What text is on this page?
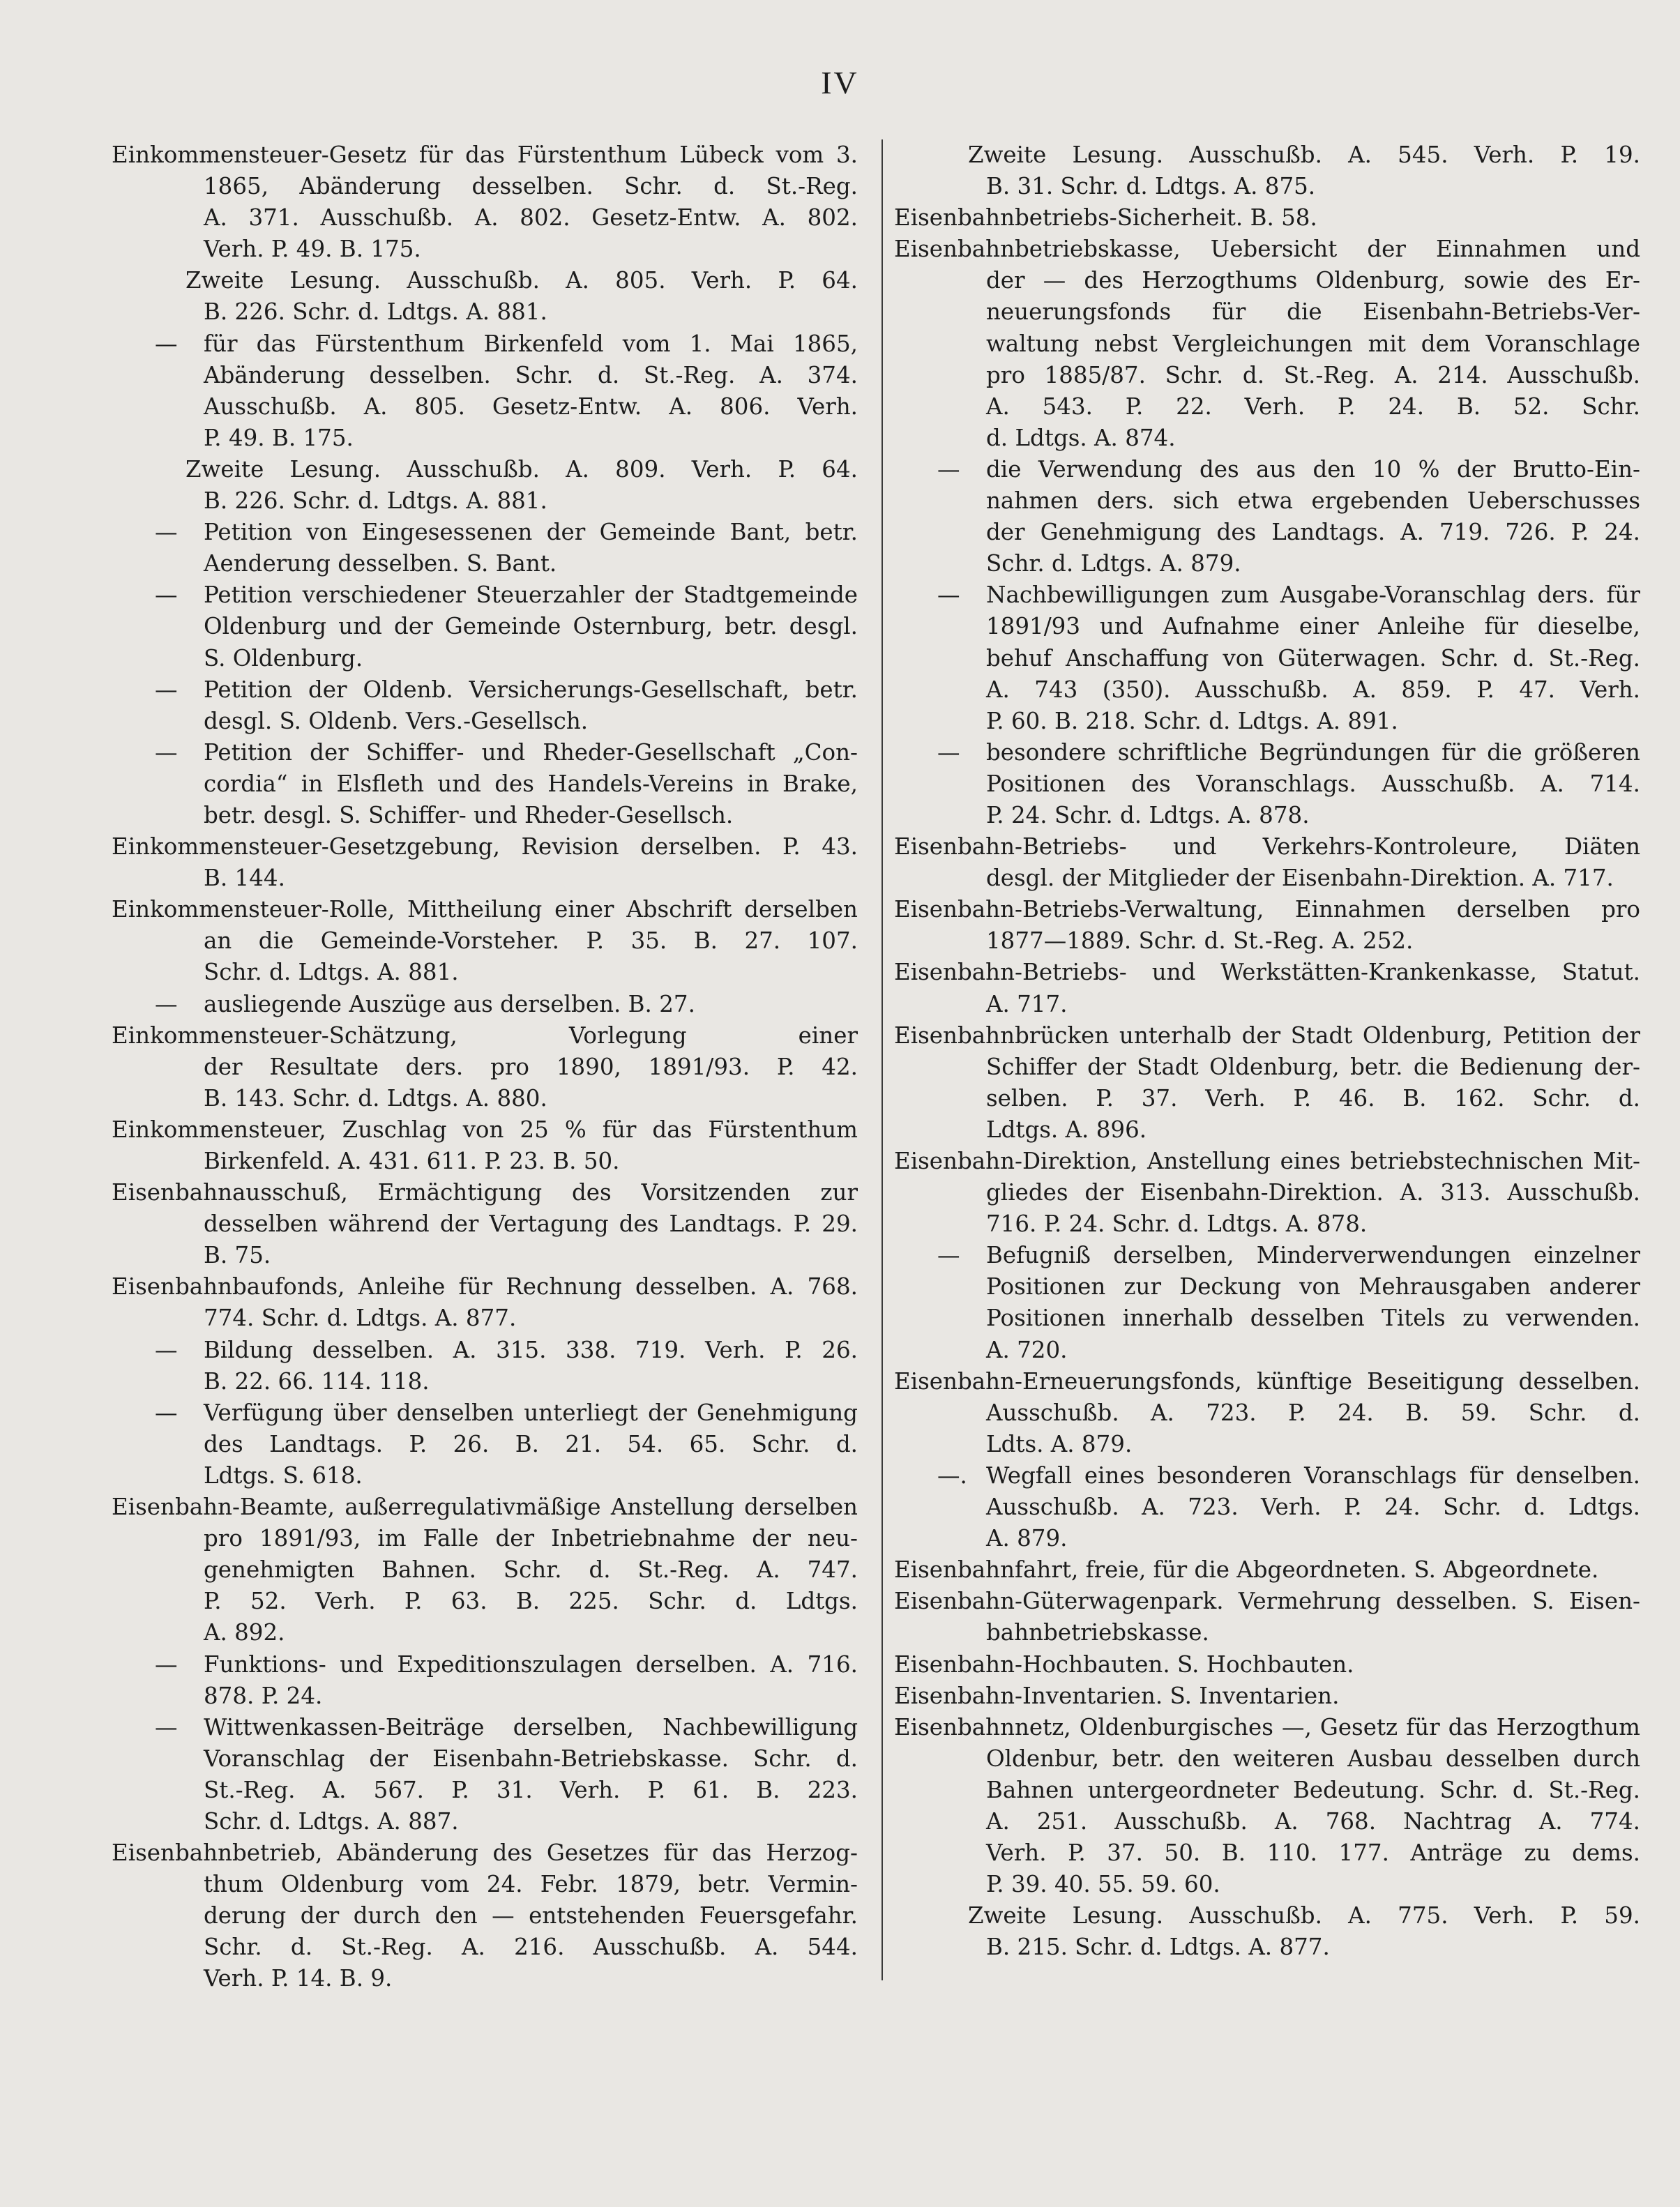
IV
Einkommensteuer-Gesetz für das Fürstenthum Lübeck vom 3.
1865, Abänderung desselben. Schr. d. St.-Reg.
A. 371. Ausschußb. A. 802. Gesetz-Entw. A. 802.
Verh. P. 49. B. 175.
Zweite Lesung. Ausschußb. A. 805. Verh. P. 64.
B. 226. Schr. d. Ldtgs. A. 881.
—	für das Fürstenthum Birkenfeld vom 1. Mai 1865,
Abänderung desselben. Schr. d. St.-Reg. A. 374.
Ausschußb. A. 805. Gesetz-Entw. A. 806. Verh.
P. 49. B. 175.
Zweite Lesung. Ausschußb. A. 809. Verh. P. 64.
B. 226. Schr. d. Ldtgs. A. 881.
—	Petition von Eingesessenen der Gemeinde Bant, betr.
Aenderung desselben. S. Bant.
—	Petition verschiedener Steuerzahler der Stadtgemeinde
Oldenburg und der Gemeinde Osternburg, betr. desgl.
S. Oldenburg.
—	Petition der Oldenb. Versicherungs-Gesellschaft, betr.
desgl. S. Oldenb. Vers.-Gesellsch.
—	Petition der Schiffer- und Rheder-Gesellschaft „Con-
cordia“ in Elsfleth und des Handels-Vereins in Brake,
betr. desgl. S. Schiffer- und Rheder-Gesellsch.
Einkommensteuer-Gesetzgebung, Revision derselben. P. 43.
B. 144.
Einkommensteuer-Rolle, Mittheilung einer Abschrift derselben
an die Gemeinde-Vorsteher. P. 35. B. 27. 107.
Schr. d. Ldtgs. A. 881.
—	ausliegende Auszüge aus derselben. B. 27.
Einkommensteuer-Schätzung, Vorlegung einer
der Resultate ders. pro 1890, 1891/93. P. 42.
B. 143. Schr. d. Ldtgs. A. 880.
Einkommensteuer, Zuschlag von 25 % für das Fürstenthum
Birkenfeld. A. 431. 611. P. 23. B. 50.
Eisenbahnausschuß, Ermächtigung des Vorsitzenden zur
desselben während der Vertagung des Landtags. P. 29.
B. 75.
Eisenbahnbaufonds, Anleihe für Rechnung desselben. A. 768.
774. Schr. d. Ldtgs. A. 877.
—	Bildung desselben. A. 315. 338. 719. Verh. P. 26.
B. 22. 66. 114. 118.
—	Verfügung über denselben unterliegt der Genehmigung
des Landtags. P. 26. B. 21. 54. 65. Schr. d.
Ldtgs. S. 618.
Eisenbahn-Beamte, außerregulativmäßige Anstellung derselben
pro 1891/93, im Falle der Inbetriebnahme der neu-
genehmigten Bahnen. Schr. d. St.-Reg. A. 747.
P. 52. Verh. P. 63. B. 225. Schr. d. Ldtgs.
A. 892.
—	Funktions- und Expeditionszulagen derselben. A. 716.
878. P. 24.
—	Wittwenkassen-Beiträge derselben, Nachbewilligung
Voranschlag der Eisenbahn-Betriebskasse. Schr. d.
St.-Reg. A. 567. P. 31. Verh. P. 61. B. 223.
Schr. d. Ldtgs. A. 887.
Eisenbahnbetrieb, Abänderung des Gesetzes für das Herzog-
thum Oldenburg vom 24. Febr. 1879, betr. Vermin-
derung der durch den — entstehenden Feuersgefahr.
Schr. d. St.-Reg. A. 216. Ausschußb. A. 544.
Verh. P. 14. B. 9.
Zweite Lesung. Ausschußb. A. 545. Verh. P. 19.
B. 31. Schr. d. Ldtgs. A. 875.
Eisenbahnbetriebs-Sicherheit. B. 58.
Eisenbahnbetriebskasse, Uebersicht der Einnahmen und
der — des Herzogthums Oldenburg, sowie des Er-
neuerungsfonds für die Eisenbahn-Betriebs-Ver-
waltung nebst Vergleichungen mit dem Voranschlage
pro 1885/87. Schr. d. St.-Reg. A. 214. Ausschußb.
A. 543. P. 22. Verh. P. 24. B. 52. Schr.
d. Ldtgs. A. 874.
—	die Verwendung des aus den 10 % der Brutto-Ein-
nahmen ders. sich etwa ergebenden Ueberschusses
der Genehmigung des Landtags. A. 719. 726. P. 24.
Schr. d. Ldtgs. A. 879.
—	Nachbewilligungen zum Ausgabe-Voranschlag ders. für
1891/93 und Aufnahme einer Anleihe für dieselbe,
behuf Anschaffung von Güterwagen. Schr. d. St.-Reg.
A. 743 (350). Ausschußb. A. 859. P. 47. Verh.
P. 60. B. 218. Schr. d. Ldtgs. A. 891.
—	besondere schriftliche Begründungen für die größeren
Positionen des Voranschlags. Ausschußb. A. 714.
P. 24. Schr. d. Ldtgs. A. 878.
Eisenbahn-Betriebs- und Verkehrs-Kontroleure, Diäten
desgl. der Mitglieder der Eisenbahn-Direktion. A. 717.
Eisenbahn-Betriebs-Verwaltung, Einnahmen derselben pro
1877—1889. Schr. d. St.-Reg. A. 252.
Eisenbahn-Betriebs- und Werkstätten-Krankenkasse, Statut.
A. 717.
Eisenbahnbrücken unterhalb der Stadt Oldenburg, Petition der
Schiffer der Stadt Oldenburg, betr. die Bedienung der-
selben. P. 37. Verh. P. 46. B. 162. Schr. d.
Ldtgs. A. 896.
Eisenbahn-Direktion, Anstellung eines betriebstechnischen Mit-
gliedes der Eisenbahn-Direktion. A. 313. Ausschußb.
716. P. 24. Schr. d. Ldtgs. A. 878.
—	Befugniß derselben, Minderverwendungen einzelner
Positionen zur Deckung von Mehrausgaben anderer
Positionen innerhalb desselben Titels zu verwenden.
A. 720.
Eisenbahn-Erneuerungsfonds, künftige Beseitigung desselben.
Ausschußb. A. 723. P. 24. B. 59. Schr. d.
Ldts. A. 879.
—. Wegfall eines besonderen Voranschlags für denselben.
Ausschußb. A. 723. Verh. P. 24. Schr. d. Ldtgs.
A. 879.
Eisenbahnfahrt, freie, für die Abgeordneten. S. Abgeordnete.
Eisenbahn-Güterwagenpark. Vermehrung desselben. S. Eisen-
bahnbetriebskasse.
Eisenbahn-Hochbauten. S. Hochbauten.
Eisenbahn-Inventarien. S. Inventarien.
Eisenbahnnetz, Oldenburgisches —, Gesetz für das Herzogthum
Oldenbur, betr. den weiteren Ausbau desselben durch
Bahnen untergeordneter Bedeutung. Schr. d. St.-Reg.
A. 251. Ausschußb. A. 768. Nachtrag A. 774.
Verh. P. 37. 50. B. 110. 177. Anträge zu dems.
P. 39. 40. 55. 59. 60.
Zweite Lesung. Ausschußb. A. 775. Verh. P. 59.
B. 215. Schr. d. Ldtgs. A. 877.
